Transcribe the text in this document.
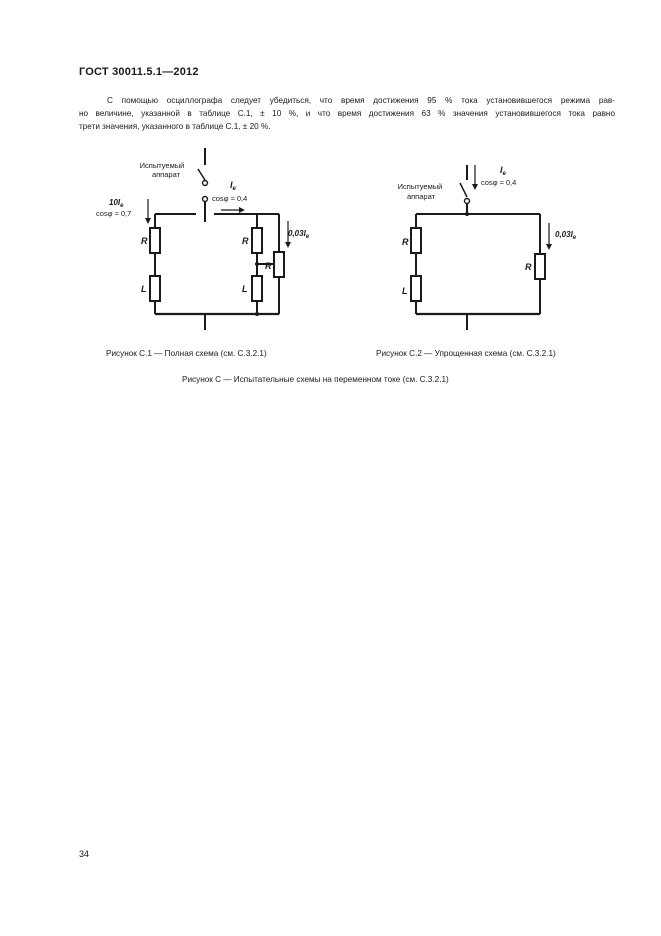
ГОСТ 30011.5.1—2012

С помощью осциллографа следует убедиться, что время достижения 95 % тока установившегося режима рав-

но величине, указанной в таблице С.1, ± 10 %, и что время достижения 63 % значения установившегося тока равно

трети значения, указанного в таблице С.1, ± 20 %.

Испытуемый
аппарат
$I_e$
cosφ ≈ 0,4
$10I_e$
cosφ ≈ 0,7
$0,03I_e$
R
L
R
L
R
Испытуемый
аппарат
$I_e$
cosφ ≈ 0,4
$0,03I_e$
R
L
R
Рисунок С.1 — Полная схема (см. С.3.2.1)	Рисунок С.2 — Упрощенная схема (см. С.3.2.1)
Рисунок С — Испытательные схемы на переменном токе (см. С.3.2.1)
34
